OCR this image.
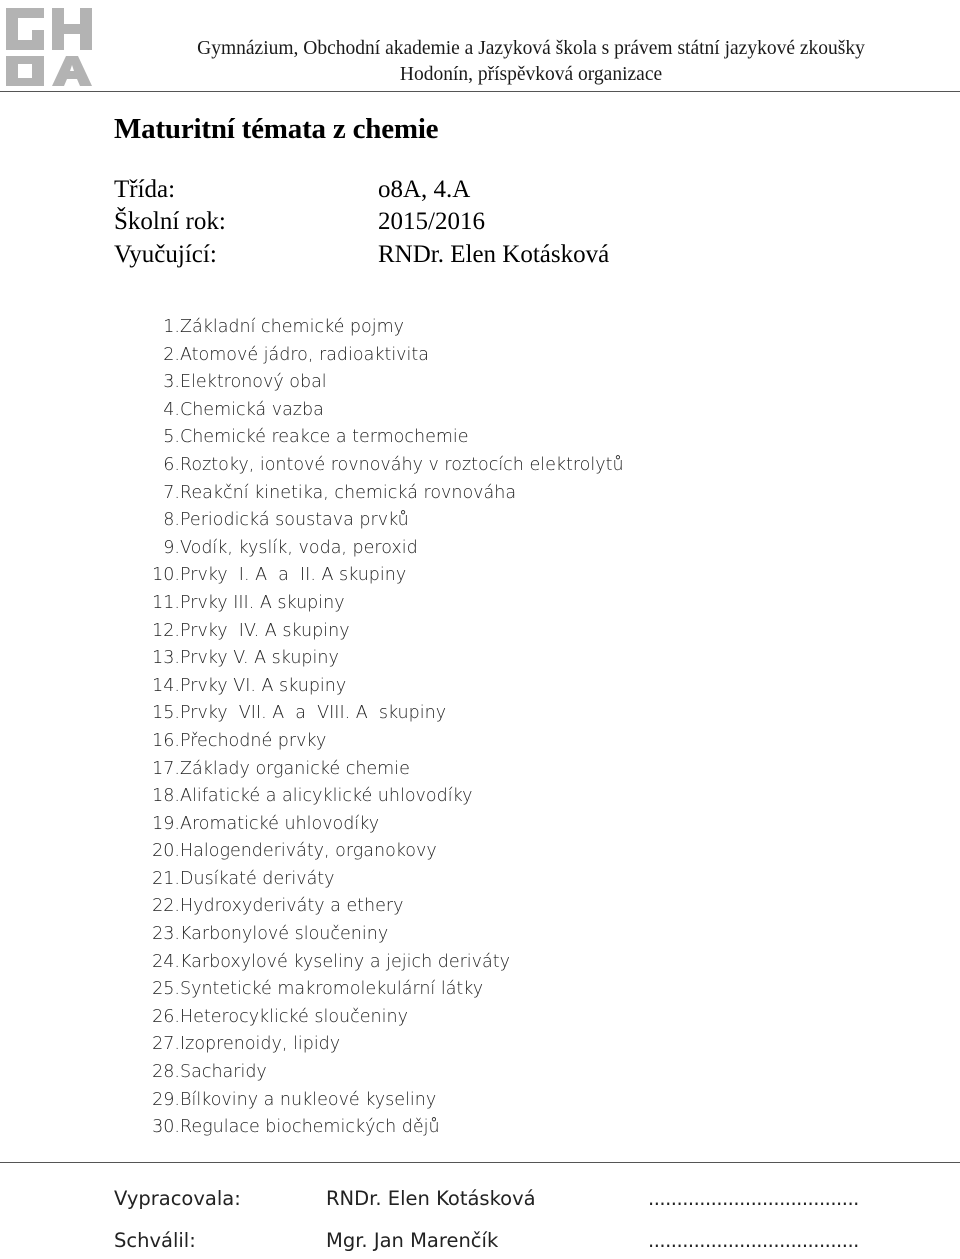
Gymnázium, Obchodní akademie a Jazyková škola s právem státní jazykové zkoušky
Hodonín, příspěvková organizace
Maturitní témata z chemie
Třída:	o8A, 4.A
Školní rok:	2015/2016
Vyučující:	RNDr. Elen Kotásková
1. Základní chemické pojmy
2. Atomové jádro, radioaktivita
3. Elektronový obal
4. Chemická vazba
5. Chemické reakce a termochemie
6. Roztoky, iontové rovnováhy v roztocích elektrolytů
7. Reakční kinetika, chemická rovnováha
8. Periodická soustava prvků
9. Vodík, kyslík, voda, peroxid
10. Prvky  I. A  a  II. A skupiny
11. Prvky III. A skupiny
12. Prvky  IV. A skupiny
13. Prvky V. A skupiny
14. Prvky VI. A skupiny
15. Prvky  VII. A  a  VIII. A  skupiny
16. Přechodné prvky
17. Základy organické chemie
18. Alifatické a alicyklické uhlovodíky
19. Aromatické uhlovodíky
20. Halogenderiváty, organokovy
21. Dusíkaté deriváty
22. Hydroxyderiváty a ethery
23. Karbonylové sloučeniny
24. Karboxylové kyseliny a jejich deriváty
25. Syntetické makromolekulární látky
26. Heterocyklické sloučeniny
27. Izoprenoidy, lipidy
28. Sacharidy
29. Bílkoviny a nukleové kyseliny
30. Regulace biochemických dějů
Vypracovala:	RNDr. Elen Kotásková	.....................................
Schválil:	Mgr. Jan Marenčík	.....................................
